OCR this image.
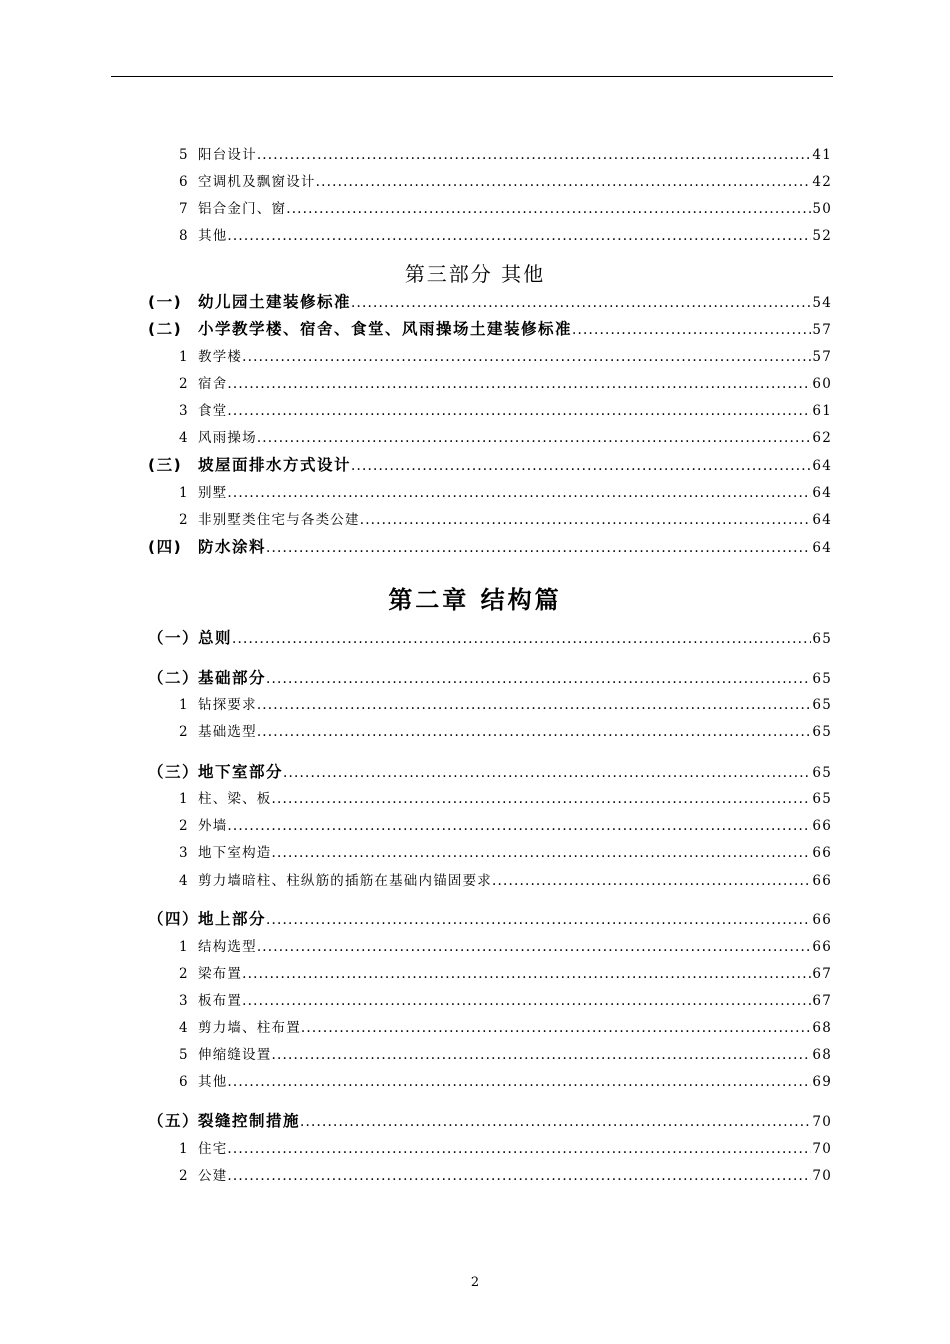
5 阳台设计 .....	41
6 空调机及飘窗设计 .....	42
7 铝合金门、窗 .....	50
8 其他 .....	52
第三部分 其他
(一) 幼儿园土建装修标准 .....	54
(二) 小学教学楼、宿舍、食堂、风雨操场土建装修标准 .....	57
1 教学楼 .....	57
2 宿舍 .....	60
3 食堂 .....	61
4 风雨操场 .....	62
(三) 坡屋面排水方式设计 .....	64
1 别墅 .....	64
2 非别墅类住宅与各类公建 .....	64
(四) 防水涂料 .....	64
第二章 结构篇
（一）总则 .....	65
（二）基础部分 .....	65
1 钻探要求 .....	65
2 基础选型 .....	65
（三）地下室部分 .....	65
1 柱、梁、板 .....	65
2 外墙 .....	66
3 地下室构造 .....	66
4 剪力墙暗柱、柱纵筋的插筋在基础内锚固要求 .....	66
（四）地上部分 .....	66
1 结构选型 .....	66
2 梁布置 .....	67
3 板布置 .....	67
4 剪力墙、柱布置 .....	68
5 伸缩缝设置 .....	68
6 其他 .....	69
（五）裂缝控制措施 .....	70
1 住宅 .....	70
2 公建 .....	70
2
